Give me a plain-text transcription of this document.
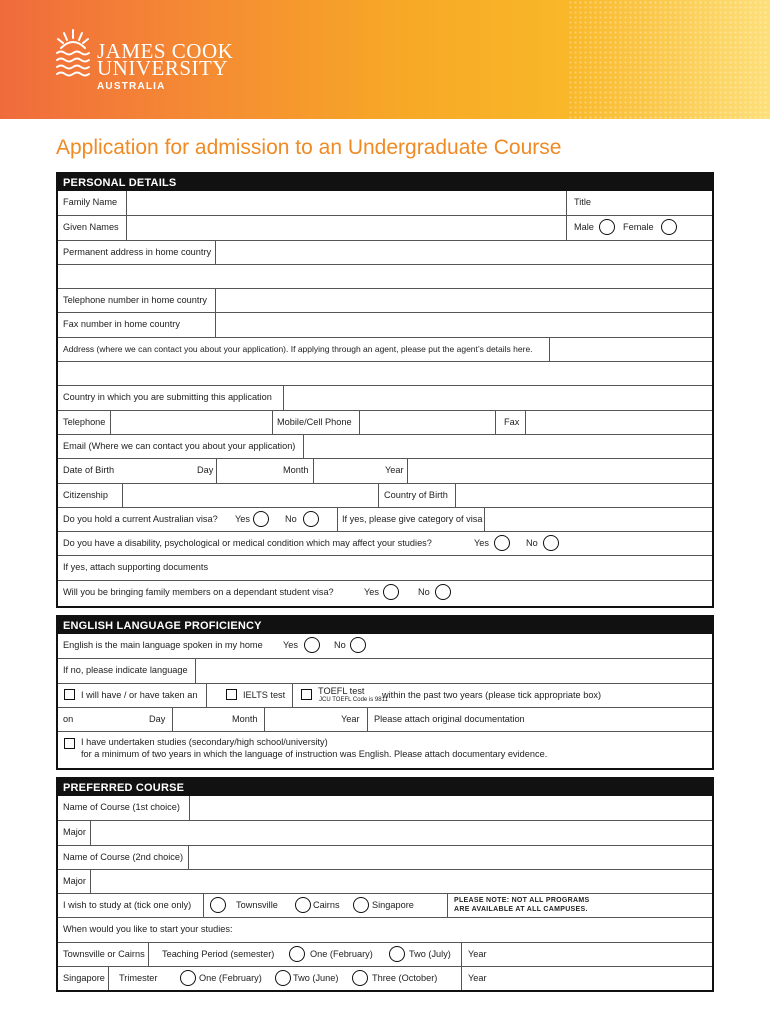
JAMES COOK
UNIVERSITY
AUSTRALIA
Application for admission to an Undergraduate Course
PERSONAL DETAILS
Family Name	Title
Given Names	Male	Female
Permanent address in home country
Telephone number in home country
Fax number in home country
Address (where we can contact you about your application). If applying through an agent, please put the agent’s details here.
Country in which you are submitting this application
Telephone	Mobile/Cell Phone	Fax
Email (Where we can contact you about your application)
Date of Birth	Day	Month	Year
Citizenship	Country of Birth
Do you hold a current Australian visa? Yes	No	If yes, please give category of visa
Do you have a disability, psychological or medical condition which may affect your studies?	Yes	No
If yes, attach supporting documents
Will you be bringing family members on a dependant student visa?	Yes	No
ENGLISH LANGUAGE PROFICIENCY
English is the main language spoken in my home Yes	No
If no, please indicate language
I will have / or have taken an	IELTS test	TOEFL test
JCU TOEFL Code is 9811
within the past two years (please tick appropriate box)
on	Day	Month	Year Please attach original documentation
I have undertaken studies (secondary/high school/university)
for a minimum of two years in which the language of instruction was English. Please attach documentary evidence.
PREFERRED COURSE
Name of Course (1st choice)
Major
Name of Course (2nd choice)
Major
I wish to study at (tick one only)	Townsville	Cairns	Singapore	PLEASE NOTE: NOT ALL PROGRAMS
ARE AVAILABLE AT ALL CAMPUSES.
When would you like to start your studies:
Townsville or Cairns Teaching Period (semester)	One (February)	Two (July) Year
Singapore Trimester	One (February)	Two (June)	Three (October)	Year
